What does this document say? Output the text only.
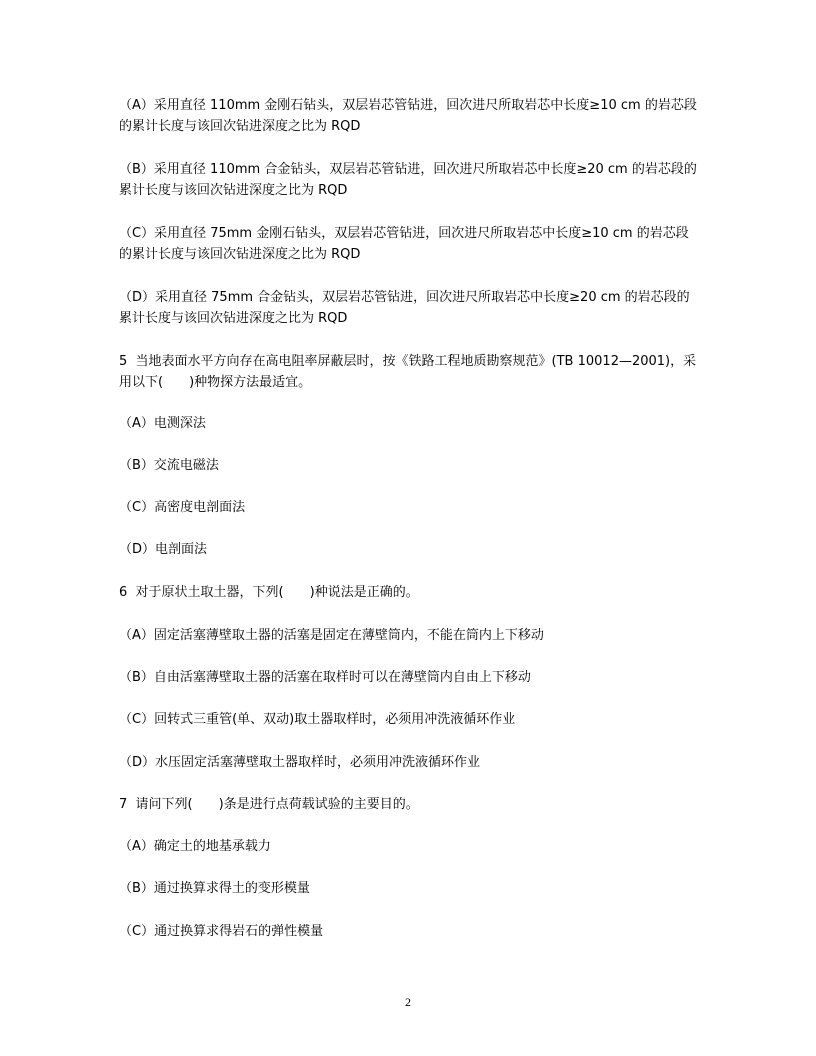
（A）采用直径 110mm 金刚石钻头，双层岩芯管钻进，回次进尺所取岩芯中长度≥10 cm 的岩芯段的累计长度与该回次钻进深度之比为 RQD
（B）采用直径 110mm 合金钻头，双层岩芯管钻进，回次进尺所取岩芯中长度≥20 cm 的岩芯段的累计长度与该回次钻进深度之比为 RQD
（C）采用直径 75mm 金刚石钻头，双层岩芯管钻进，回次进尺所取岩芯中长度≥10 cm 的岩芯段的累计长度与该回次钻进深度之比为 RQD
（D）采用直径 75mm 合金钻头，双层岩芯管钻进，回次进尺所取岩芯中长度≥20 cm 的岩芯段的累计长度与该回次钻进深度之比为 RQD
5 当地表面水平方向存在高电阻率屏蔽层时，按《铁路工程地质勘察规范》(TB 10012—2001)，采用以下(　　)种物探方法最适宜。
（A）电测深法
（B）交流电磁法
（C）高密度电剖面法
（D）电剖面法
6 对于原状土取土器，下列(　　)种说法是正确的。
（A）固定活塞薄壁取土器的活塞是固定在薄壁筒内，不能在筒内上下移动
（B）自由活塞薄壁取土器的活塞在取样时可以在薄壁筒内自由上下移动
（C）回转式三重管(单、双动)取土器取样时，必须用冲洗液循环作业
（D）水压固定活塞薄壁取土器取样时，必须用冲洗液循环作业
7 请问下列(　　)条是进行点荷载试验的主要目的。
（A）确定土的地基承载力
（B）通过换算求得土的变形模量
（C）通过换算求得岩石的弹性模量
2
